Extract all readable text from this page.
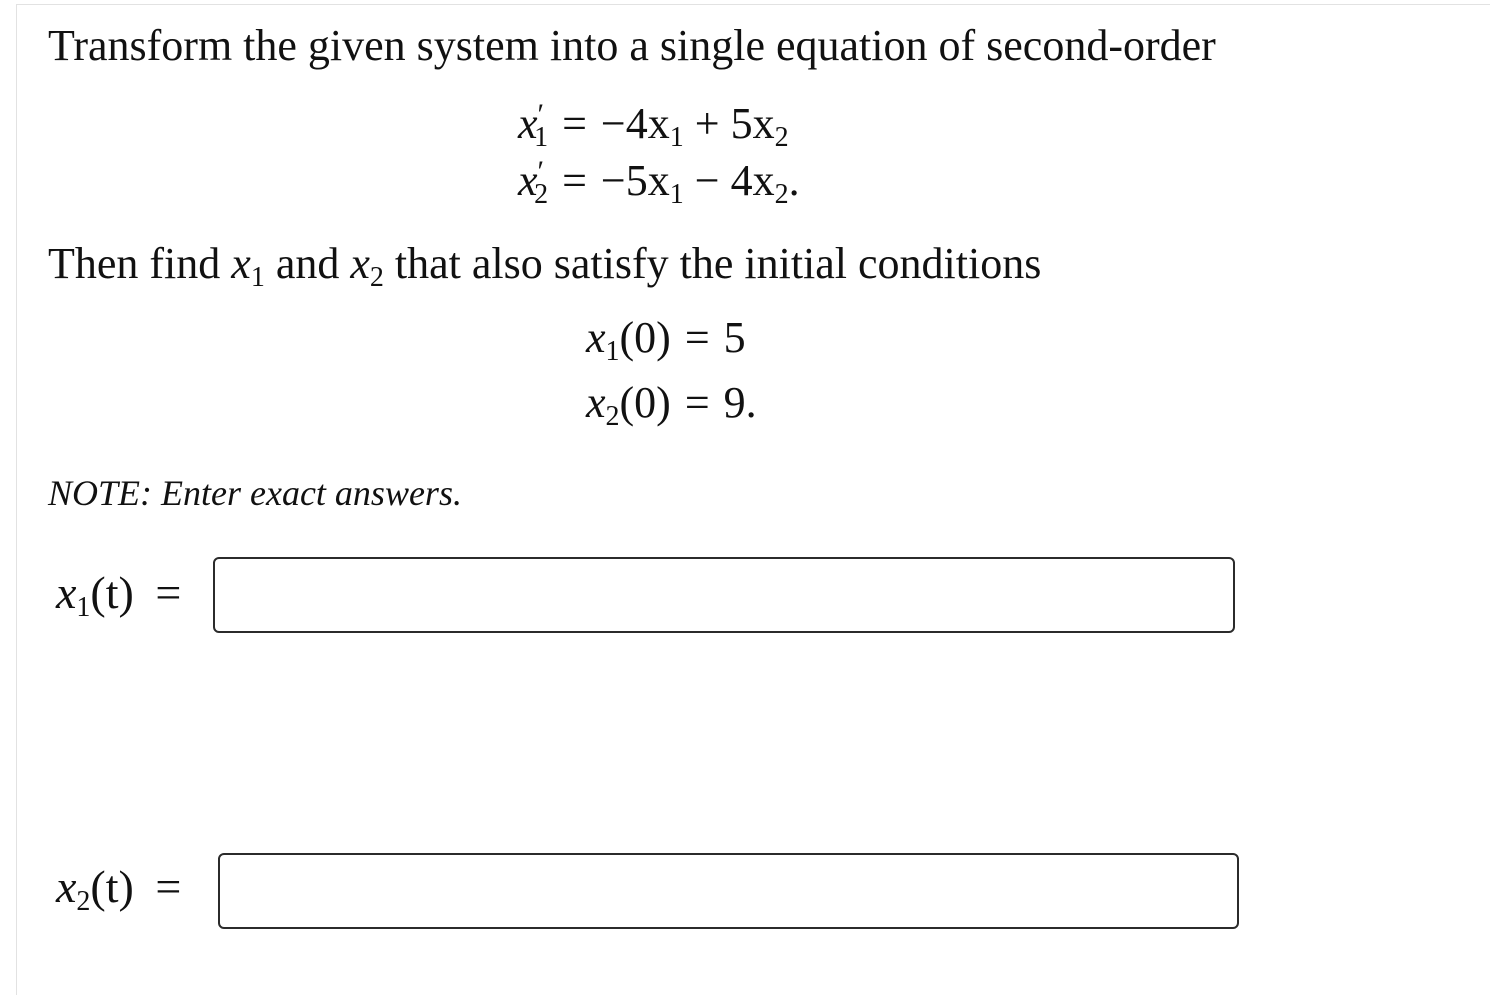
Transform the given system into a single equation of second-order
$x'_1 = -4x_1 + 5x_2$
$x'_2 = -5x_1 - 4x_2$.
Then find $x_1$ and $x_2$ that also satisfy the initial conditions
$x_1(0) = 5$
$x_2(0) = 9$.
NOTE: Enter exact answers.
$x_1(t)$ =
$x_2(t)$ =
